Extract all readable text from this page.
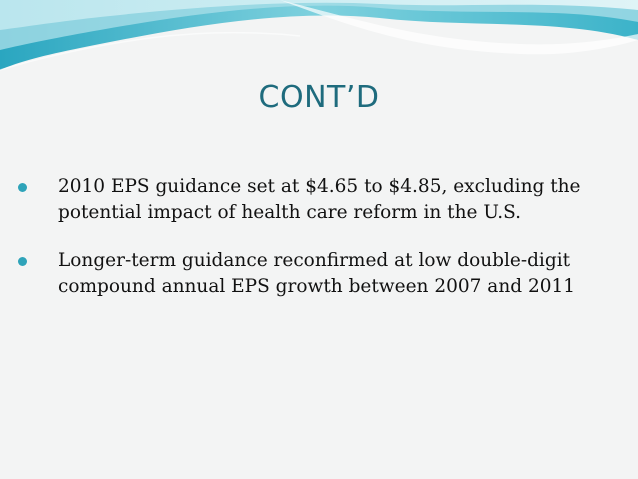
CONT’D
2010 EPS guidance set at $4.65 to $4.85, excluding the potential impact of health care reform in the U.S.
Longer-term guidance reconfirmed at low double-digit compound annual EPS growth between 2007 and 2011
